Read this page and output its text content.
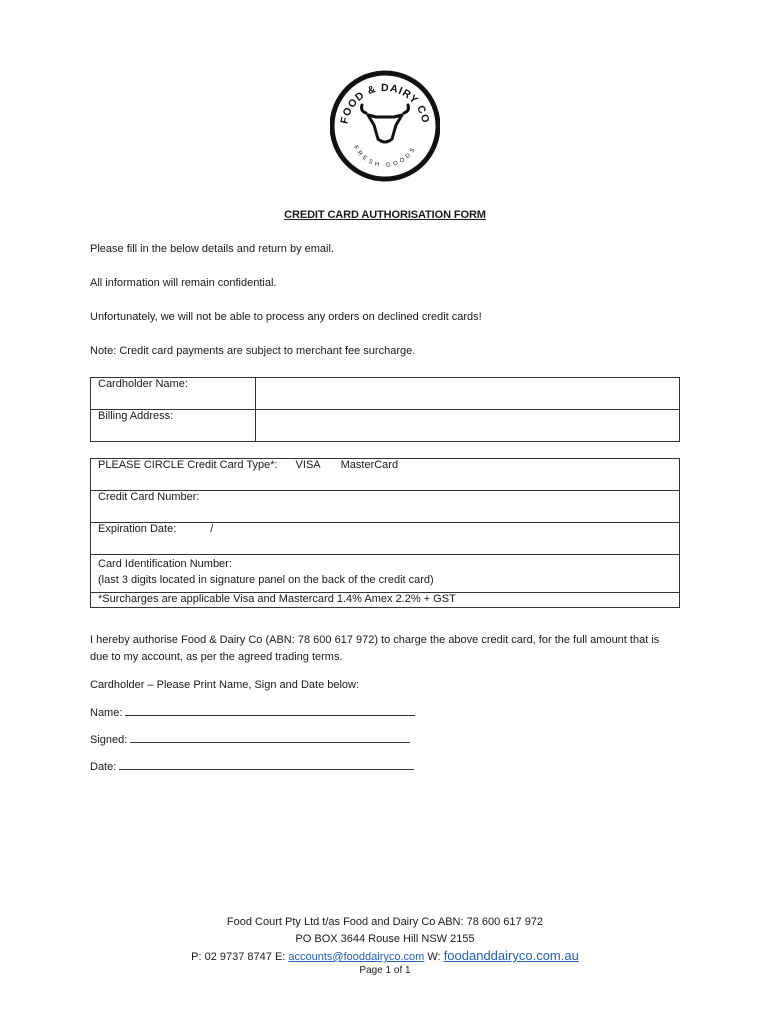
FOOD & DAIRY CO
FRESH GOODS
CREDIT CARD AUTHORISATION FORM
Please fill in the below details and return by email.
All information will remain confidential.
Unfortunately, we will not be able to process any orders on declined credit cards!
Note: Credit card payments are subject to merchant fee surcharge.
Cardholder Name:	
Billing Address:	
PLEASE CIRCLE Credit Card Type*: VISA MasterCard
Credit Card Number:
Expiration Date:	/

Card Identification Number:
(last 3 digits located in signature panel on the back of the credit card)

*Surcharges are applicable Visa and Mastercard 1.4% Amex 2.2% + GST
I hereby authorise Food & Dairy Co (ABN: 78 600 617 972) to charge the above credit card, for the full amount that is due to my account, as per the agreed trading terms.
Cardholder – Please Print Name, Sign and Date below:
Name:
Signed:
Date:
Food Court Pty Ltd t/as Food and Dairy Co ABN: 78 600 617 972
PO BOX 3644 Rouse Hill NSW 2155
P: 02 9737 8747 E: accounts@fooddairyco.com W: foodanddairyco.com.au
Page 1 of 1
